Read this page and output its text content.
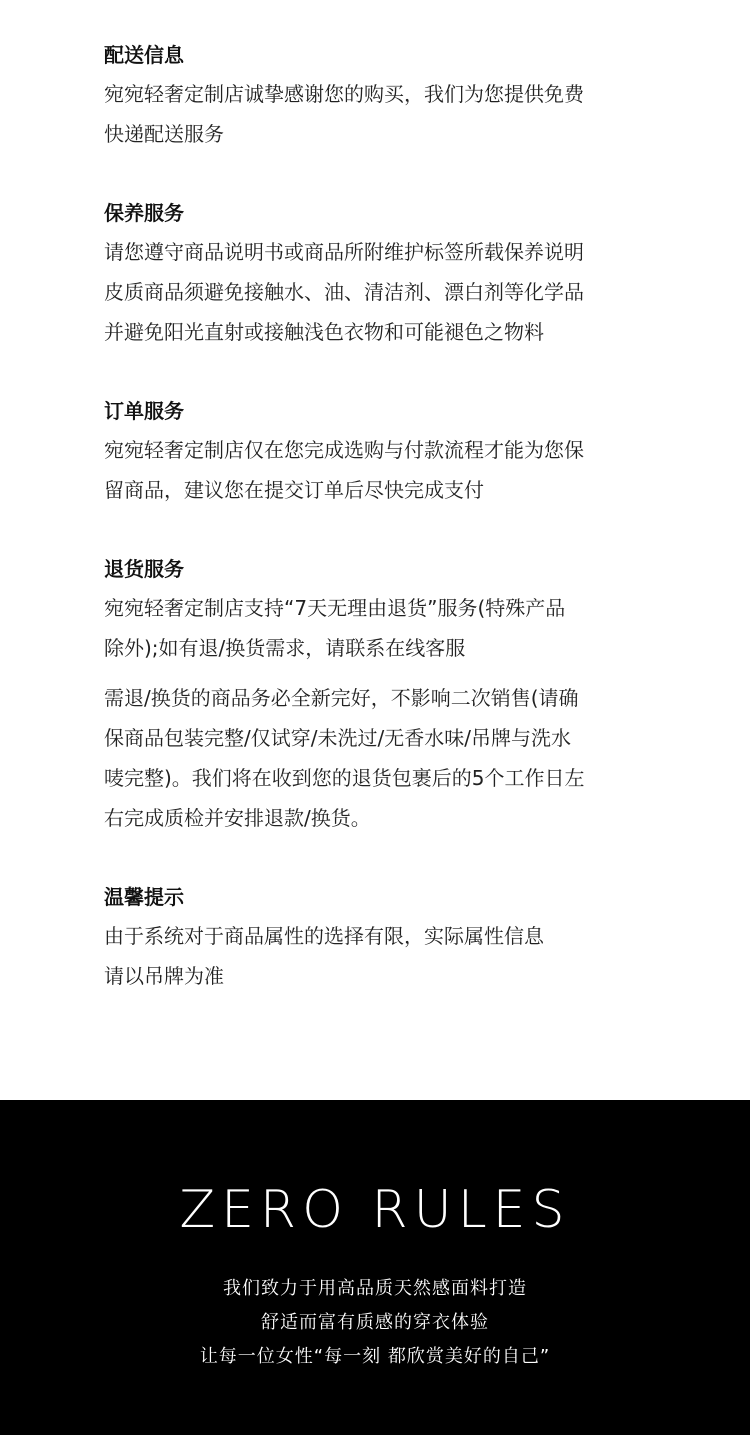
配送信息
宛宛轻奢定制店诚挚感谢您的购买，我们为您提供免费
快递配送服务
保养服务
请您遵守商品说明书或商品所附维护标签所载保养说明
皮质商品须避免接触水、油、清洁剂、漂白剂等化学品
并避免阳光直射或接触浅色衣物和可能褪色之物料
订单服务
宛宛轻奢定制店仅在您完成选购与付款流程才能为您保
留商品，建议您在提交订单后尽快完成支付
退货服务
宛宛轻奢定制店支持“7天无理由退货”服务(特殊产品
除外);如有退/换货需求，请联系在线客服
需退/换货的商品务必全新完好，不影响二次销售(请确
保商品包装完整/仅试穿/未洗过/无香水味/吊牌与洗水
唛完整)。我们将在收到您的退货包裹后的5个工作日左
右完成质检并安排退款/换货。
温馨提示
由于系统对于商品属性的选择有限，实际属性信息
请以吊牌为准
ZERO RULES
我们致力于用高品质天然感面料打造
舒适而富有质感的穿衣体验
让每一位女性“每一刻 都欣赏美好的自己”
